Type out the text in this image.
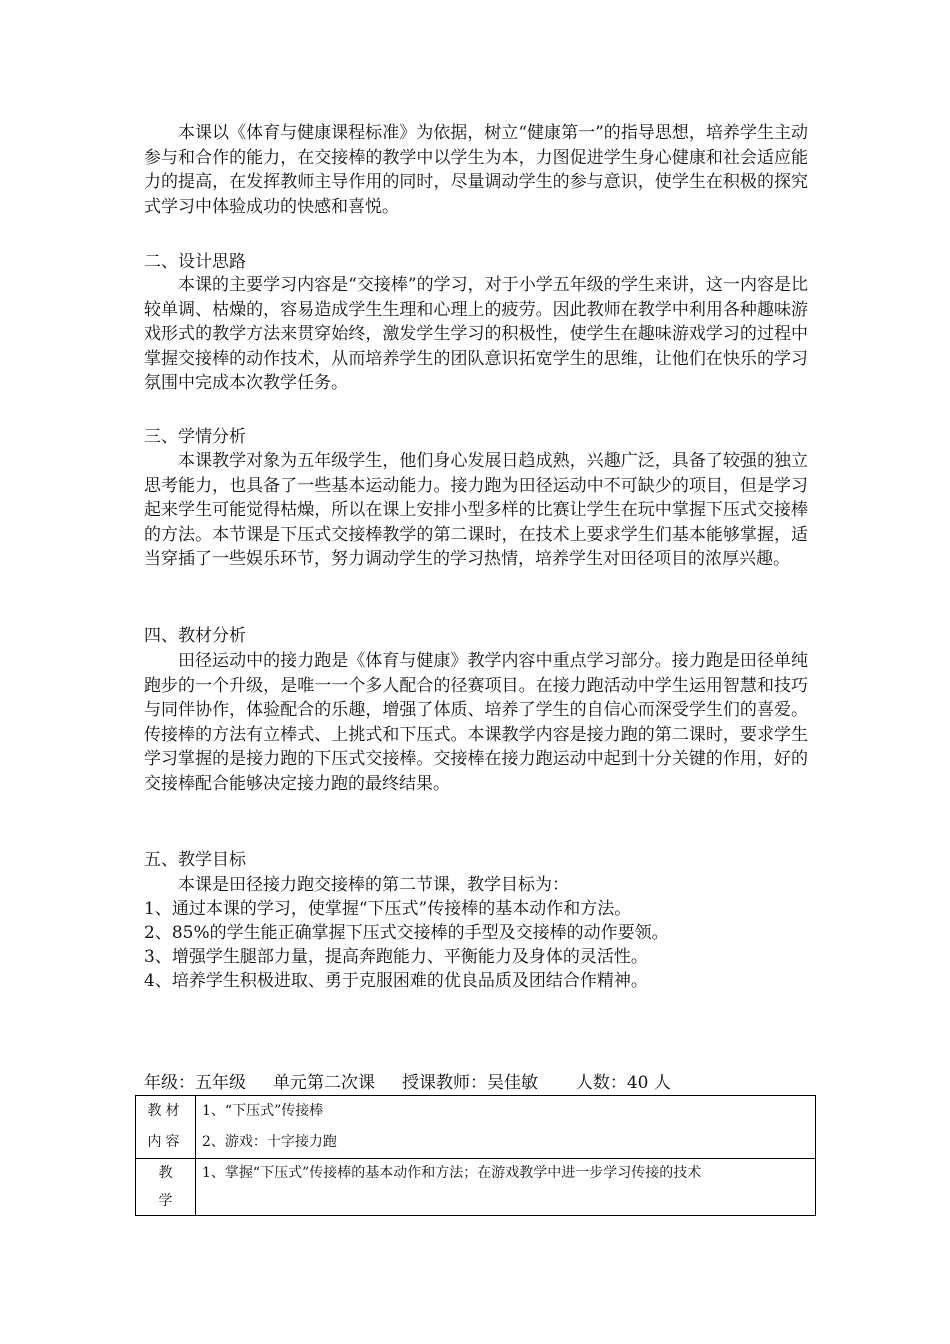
本课以《体育与健康课程标准》为依据，树立“健康第一”的指导思想，培养学生主动参与和合作的能力，在交接棒的教学中以学生为本，力图促进学生身心健康和社会适应能力的提高，在发挥教师主导作用的同时，尽量调动学生的参与意识，使学生在积极的探究式学习中体验成功的快感和喜悦。

二、设计思路

本课的主要学习内容是“交接棒”的学习，对于小学五年级的学生来讲，这一内容是比较单调、枯燥的，容易造成学生生理和心理上的疲劳。因此教师在教学中利用各种趣味游戏形式的教学方法来贯穿始终，激发学生学习的积极性，使学生在趣味游戏学习的过程中掌握交接棒的动作技术，从而培养学生的团队意识拓宽学生的思维，让他们在快乐的学习氛围中完成本次教学任务。

三、学情分析

本课教学对象为五年级学生，他们身心发展日趋成熟，兴趣广泛，具备了较强的独立思考能力，也具备了一些基本运动能力。接力跑为田径运动中不可缺少的项目，但是学习起来学生可能觉得枯燥，所以在课上安排小型多样的比赛让学生在玩中掌握下压式交接棒的方法。本节课是下压式交接棒教学的第二课时，在技术上要求学生们基本能够掌握，适当穿插了一些娱乐环节，努力调动学生的学习热情，培养学生对田径项目的浓厚兴趣。

四、教材分析

田径运动中的接力跑是《体育与健康》教学内容中重点学习部分。接力跑是田径单纯跑步的一个升级，是唯一一个多人配合的径赛项目。在接力跑活动中学生运用智慧和技巧与同伴协作，体验配合的乐趣，增强了体质、培养了学生的自信心而深受学生们的喜爱。传接棒的方法有立棒式、上挑式和下压式。本课教学内容是接力跑的第二课时，要求学生学习掌握的是接力跑的下压式交接棒。交接棒在接力跑运动中起到十分关键的作用，好的交接棒配合能够决定接力跑的最终结果。

五、教学目标

本课是田径接力跑交接棒的第二节课，教学目标为：

1、通过本课的学习，使掌握“下压式”传接棒的基本动作和方法。

2、85%的学生能正确掌握下压式交接棒的手型及交接棒的动作要领。

3、增强学生腿部力量，提高奔跑能力、平衡能力及身体的灵活性。

4、培养学生积极进取、勇于克服困难的优良品质及团结合作精神。

年级：五年级     单元第二次课     授课教师：吴佳敏       人数：40 人
教材
内容	1、“下压式”传接棒
2、游戏：十字接力跑

教
学	1、掌握“下压式”传接棒的基本动作和方法；在游戏教学中进一步学习传接的技术
